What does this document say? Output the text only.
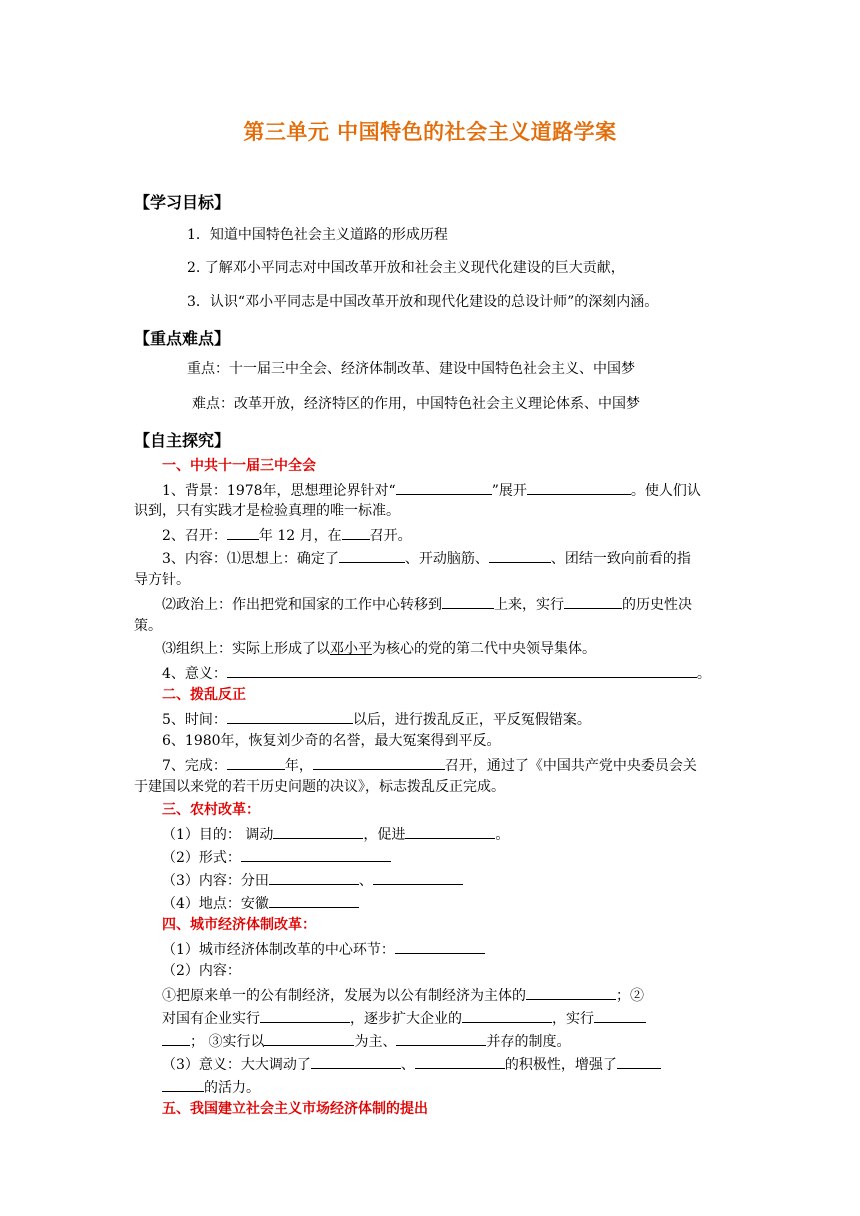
第三单元 中国特色的社会主义道路学案
【学习目标】
1．知道中国特色社会主义道路的形成历程
2. 了解邓小平同志对中国改革开放和社会主义现代化建设的巨大贡献，
3．认识“邓小平同志是中国改革开放和现代化建设的总设计师”的深刻内涵。
【重点难点】
重点：十一届三中全会、经济体制改革、建设中国特色社会主义、中国梦
难点：改革开放，经济特区的作用，中国特色社会主义理论体系、中国梦
【自主探究】
一、中共十一届三中全会
1、背景：1978年，思想理论界针对“	”展开	。使人们认
识到，只有实践才是检验真理的唯一标准。
2、召开： 年 12 月，在 召开。
3、内容：⑴思想上：确定了	、开动脑筋、	、团结一致向前看的指
导方针。
⑵政治上：作出把党和国家的工作中心转移到	上来，实行	的历史性决
策。
⑶组织上：实际上形成了以邓小平为核心的党的第二代中央领导集体。
4、意义：	。
二、拨乱反正
5、时间：	以后，进行拨乱反正，平反冤假错案。
6、1980年，恢复刘少奇的名誉，最大冤案得到平反。
7、完成：	年，	召开，通过了《中国共产党中央委员会关
于建国以来党的若干历史问题的决议》，标志拨乱反正完成。
三、农村改革：
（1）目的： 调动	，促进	。
（2）形式：
（3）内容：分田	、
（4）地点：安徽
四、城市经济体制改革：
（1）城市经济体制改革的中心环节：
（2）内容：
①把原来单一的公有制经济，发展为以公有制经济为主体的	；②
对国有企业实行	，逐步扩大企业的	，实行
； ③实行以	为主、	并存的制度。
（3）意义：大大调动了	、	的积极性，增强了
的活力。
五、我国建立社会主义市场经济体制的提出
